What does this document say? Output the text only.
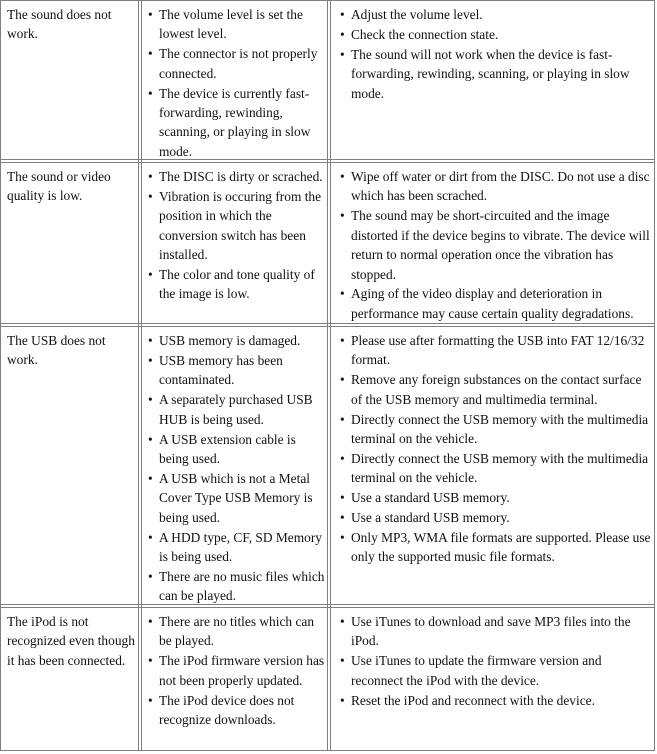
The sound does not work.
• The volume level is set the lowest level.
• The connector is not properly connected.
• The device is currently fast-forwarding, rewinding, scanning, or playing in slow mode.
• Adjust the volume level.
• Check the connection state.
• The sound will not work when the device is fast-forwarding, rewinding, scanning, or playing in slow mode.
The sound or video quality is low.
• The DISC is dirty or scrached.
• Vibration is occuring from the position in which the conversion switch has been installed.
• The color and tone quality of the image is low.
• Wipe off water or dirt from the DISC. Do not use a disc which has been scrached.
• The sound may be short-circuited and the image distorted if the device begins to vibrate. The device will return to normal operation once the vibration has stopped.
• Aging of the video display and deterioration in performance may cause certain quality degradations.
The USB does not work.
• USB memory is damaged.
• USB memory has been contaminated.
• A separately purchased USB HUB is being used.
• A USB extension cable is being used.
• A USB which is not a Metal Cover Type USB Memory is being used.
• A HDD type, CF, SD Memory is being used.
• There are no music files which can be played.
• Please use after formatting the USB into FAT 12/16/32 format.
• Remove any foreign substances on the contact surface of the USB memory and multimedia terminal.
• Directly connect the USB memory with the multimedia terminal on the vehicle.
• Directly connect the USB memory with the multimedia terminal on the vehicle.
• Use a standard USB memory.
• Use a standard USB memory.
• Only MP3, WMA file formats are supported. Please use only the supported music file formats.
The iPod is not recognized even though it has been connected.
• There are no titles which can be played.
• The iPod firmware version has not been properly updated.
• The iPod device does not recognize downloads.
• Use iTunes to download and save MP3 files into the iPod.
• Use iTunes to update the firmware version and reconnect the iPod with the device.
• Reset the iPod and reconnect with the device.
